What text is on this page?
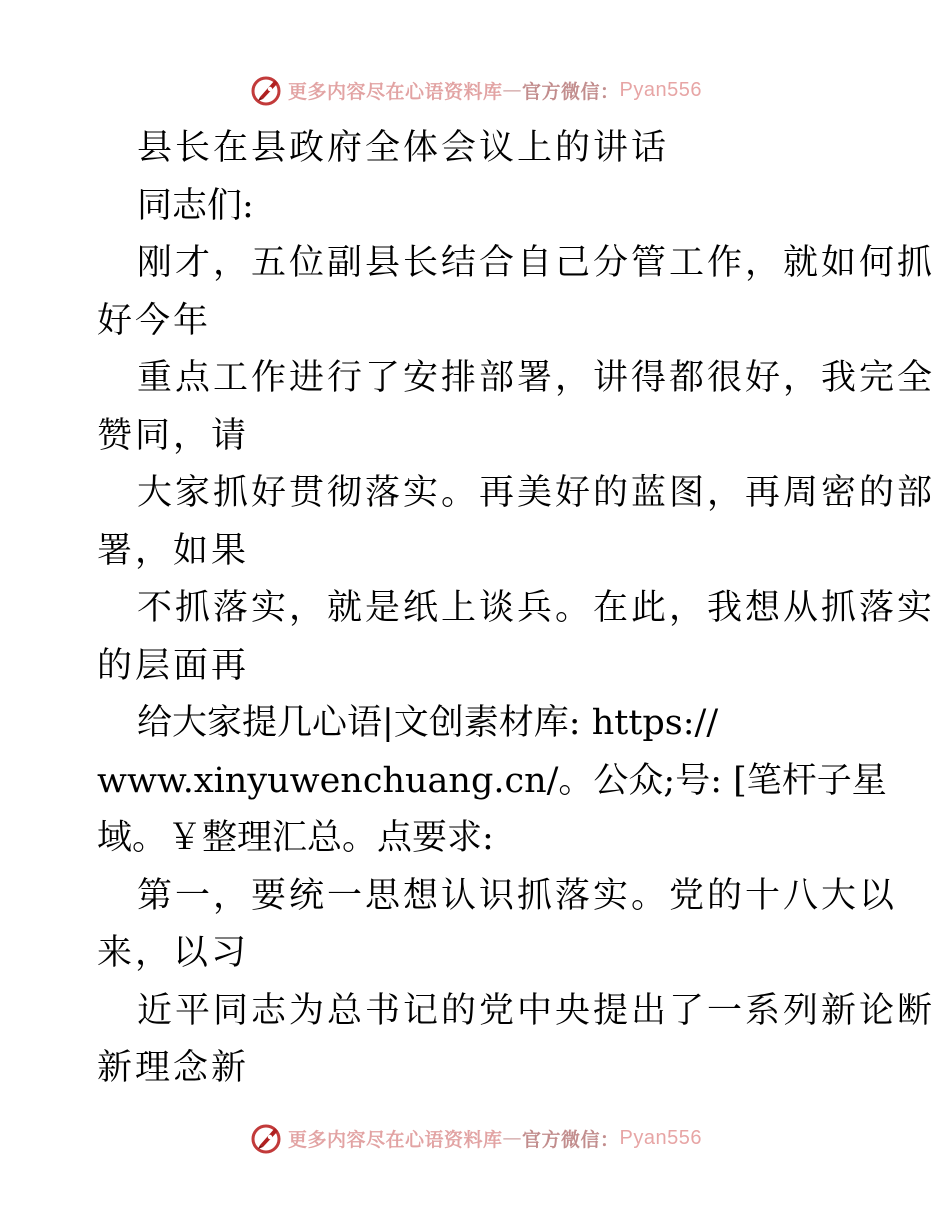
更多内容尽在心语资料库 — 官方微信： Pyan556
县长在县政府全体会议上的讲话
同志们:
刚才，五位副县长结合自己分管工作，就如何抓
好今年
重点工作进行了安排部署，讲得都很好，我完全
赞同，请
大家抓好贯彻落实。再美好的蓝图，再周密的部
署，如果
不抓落实，就是纸上谈兵。在此，我想从抓落实
的层面再
给大家提几心语|文创素材库: https://
www.xinyuwenchuang.cn/。公众;号: [笔杆子星
域。￥整理汇总。点要求:
第一，要统一思想认识抓落实。党的十八大以
来，以习
近平同志为总书记的党中央提出了一系列新论断
新理念新
更多内容尽在心语资料库 — 官方微信： Pyan556
